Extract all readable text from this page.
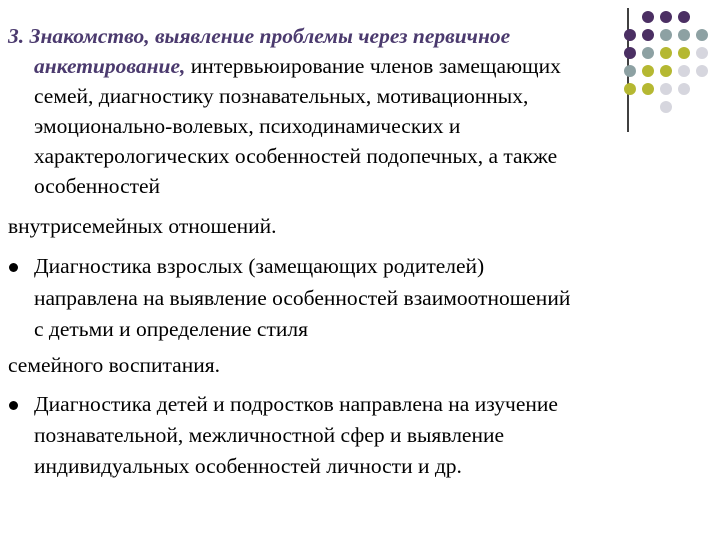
3. Знакомство, выявление проблемы через первичное
анкетирование, интервьюирование членов замещающих
семей, диагностику познавательных, мотивационных,
эмоционально-волевых, психодинамических и
характерологических особенностей подопечных, а также
особенностей
внутрисемейных отношений.
Диагностика взрослых (замещающих родителей)
направлена на выявление особенностей взаимоотношений
с детьми и определение стиля
семейного воспитания.
Диагностика детей и подростков направлена на изучение
познавательной, межличностной сфер и выявление
индивидуальных особенностей личности и др.
